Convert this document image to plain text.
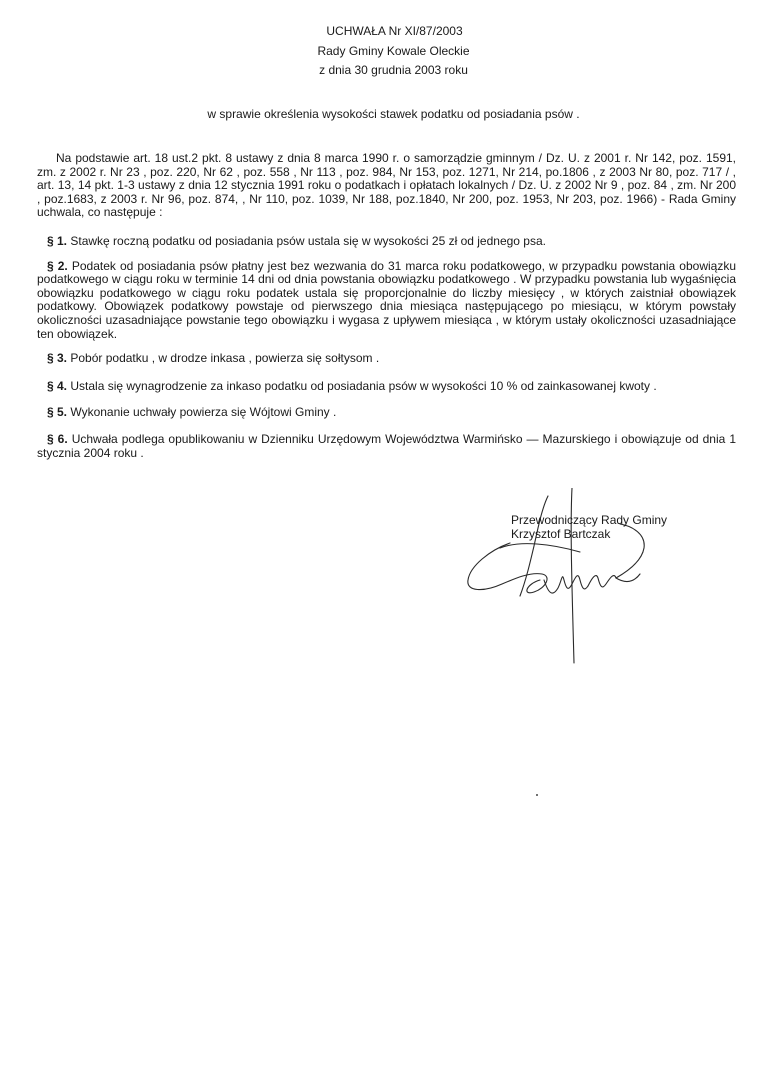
UCHWAŁA Nr XI/87/2003
Rady Gminy Kowale Oleckie
z dnia 30 grudnia 2003 roku
w sprawie określenia wysokości stawek podatku od posiadania psów .

Na podstawie art. 18 ust.2 pkt. 8 ustawy z dnia 8 marca 1990 r. o samorządzie gminnym / Dz. U. z 2001 r. Nr 142, poz. 1591, zm. z 2002 r. Nr 23 , poz. 220, Nr 62 , poz. 558 , Nr 113 , poz. 984, Nr 153, poz. 1271, Nr 214, po.1806 , z 2003 Nr 80, poz. 717 / , art. 13, 14 pkt. 1-3 ustawy z dnia 12 stycznia 1991 roku o podatkach i opłatach lokalnych / Dz. U. z 2002 Nr 9 , poz. 84 , zm. Nr 200 , poz.1683, z 2003 r. Nr 96, poz. 874, , Nr 110, poz. 1039, Nr 188, poz.1840, Nr 200, poz. 1953, Nr 203, poz. 1966) - Rada Gminy uchwala, co następuje :

§ 1. Stawkę roczną podatku od posiadania psów ustala się w wysokości 25 zł od jednego psa.

§ 2. Podatek od posiadania psów płatny jest bez wezwania do 31 marca roku podatkowego, w przypadku powstania obowiązku podatkowego w ciągu roku w terminie 14 dni od dnia powstania obowiązku podatkowego . W przypadku powstania lub wygaśnięcia obowiązku podatkowego w ciągu roku podatek ustala się proporcjonalnie do liczby miesięcy , w których zaistniał obowiązek podatkowy. Obowiązek podatkowy powstaje od pierwszego dnia miesiąca następującego po miesiącu, w którym powstały okoliczności uzasadniające powstanie tego obowiązku i wygasa z upływem miesiąca , w którym ustały okoliczności uzasadniające ten obowiązek.

§ 3. Pobór podatku , w drodze inkasa , powierza się sołtysom .

§ 4. Ustala się wynagrodzenie za inkaso podatku od posiadania psów w wysokości 10 % od zainkasowanej kwoty .

§ 5. Wykonanie uchwały powierza się Wójtowi Gminy .

§ 6. Uchwała podlega opublikowaniu w Dzienniku Urzędowym Województwa Warmińsko — Mazurskiego i obowiązuje od dnia 1 stycznia 2004 roku .

Przewodniczący Rady Gminy
Krzysztof Bartczak
